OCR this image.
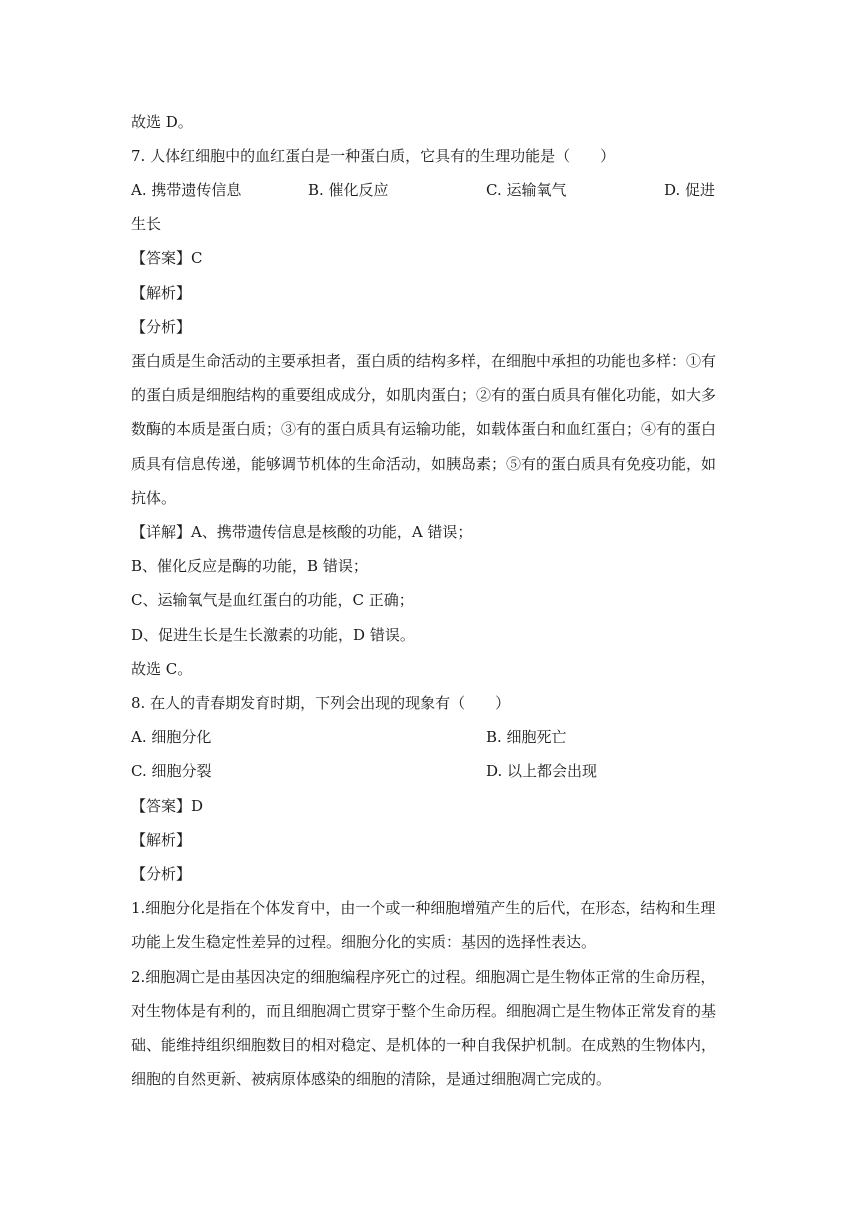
故选 D。
7. 人体红细胞中的血红蛋白是一种蛋白质，它具有的生理功能是（　　）
A. 携带遗传信息	B. 催化反应	C. 运输氧气	D. 促进
生长
【答案】C
【解析】
【分析】
蛋白质是生命活动的主要承担者，蛋白质的结构多样，在细胞中承担的功能也多样：①有
的蛋白质是细胞结构的重要组成成分，如肌肉蛋白；②有的蛋白质具有催化功能，如大多
数酶的本质是蛋白质；③有的蛋白质具有运输功能，如载体蛋白和血红蛋白；④有的蛋白
质具有信息传递，能够调节机体的生命活动，如胰岛素；⑤有的蛋白质具有免疫功能，如
抗体。
【详解】A、携带遗传信息是核酸的功能，A 错误；
B、催化反应是酶的功能，B 错误；
C、运输氧气是血红蛋白的功能，C 正确；
D、促进生长是生长激素的功能，D 错误。
故选 C。
8. 在人的青春期发育时期，下列会出现的现象有（　　）
A. 细胞分化	B. 细胞死亡
C. 细胞分裂	D. 以上都会出现
【答案】D
【解析】
【分析】
1.细胞分化是指在个体发育中，由一个或一种细胞增殖产生的后代，在形态，结构和生理
功能上发生稳定性差异的过程。细胞分化的实质：基因的选择性表达。
2.细胞凋亡是由基因决定的细胞编程序死亡的过程。细胞凋亡是生物体正常的生命历程，
对生物体是有利的，而且细胞凋亡贯穿于整个生命历程。细胞凋亡是生物体正常发育的基
础、能维持组织细胞数目的相对稳定、是机体的一种自我保护机制。在成熟的生物体内，
细胞的自然更新、被病原体感染的细胞的清除，是通过细胞凋亡完成的。
